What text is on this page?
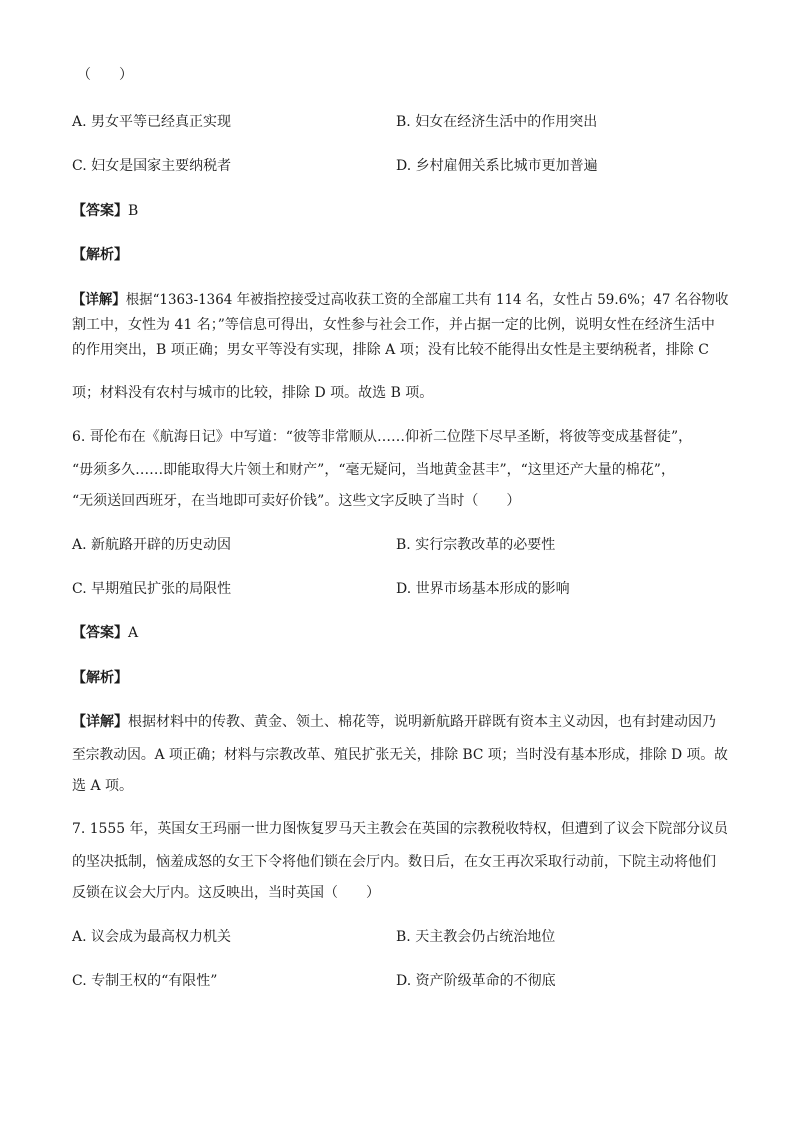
（　　）
A. 男女平等已经真正实现	B. 妇女在经济生活中的作用突出
C. 妇女是国家主要纳税者	D. 乡村雇佣关系比城市更加普遍
【答案】B
【解析】
【详解】根据“1363-1364 年被指控接受过高收获工资的全部雇工共有 114 名，女性占 59.6%；47 名谷物收
割工中，女性为 41 名；”等信息可得出，女性参与社会工作，并占据一定的比例，说明女性在经济生活中
的作用突出，B 项正确；男女平等没有实现，排除 A 项；没有比较不能得出女性是主要纳税者，排除 C
项；材料没有农村与城市的比较，排除 D 项。故选 B 项。
6. 哥伦布在《航海日记》中写道：“彼等非常顺从……仰祈二位陛下尽早圣断，将彼等变成基督徒”，
“毋须多久……即能取得大片领土和财产”，“毫无疑问，当地黄金甚丰”，“这里还产大量的棉花”，
“无须送回西班牙，在当地即可卖好价钱”。这些文字反映了当时（　　）
A. 新航路开辟的历史动因	B. 实行宗教改革的必要性
C. 早期殖民扩张的局限性	D. 世界市场基本形成的影响
【答案】A
【解析】
【详解】根据材料中的传教、黄金、领土、棉花等，说明新航路开辟既有资本主义动因，也有封建动因乃
至宗教动因。A 项正确；材料与宗教改革、殖民扩张无关，排除 BC 项；当时没有基本形成，排除 D 项。故
选 A 项。
7. 1555 年，英国女王玛丽一世力图恢复罗马天主教会在英国的宗教税收特权，但遭到了议会下院部分议员
的坚决抵制，恼羞成怒的女王下令将他们锁在会厅内。数日后，在女王再次采取行动前，下院主动将他们
反锁在议会大厅内。这反映出，当时英国（　　）
A. 议会成为最高权力机关	B. 天主教会仍占统治地位
C. 专制王权的“有限性”	D. 资产阶级革命的不彻底
